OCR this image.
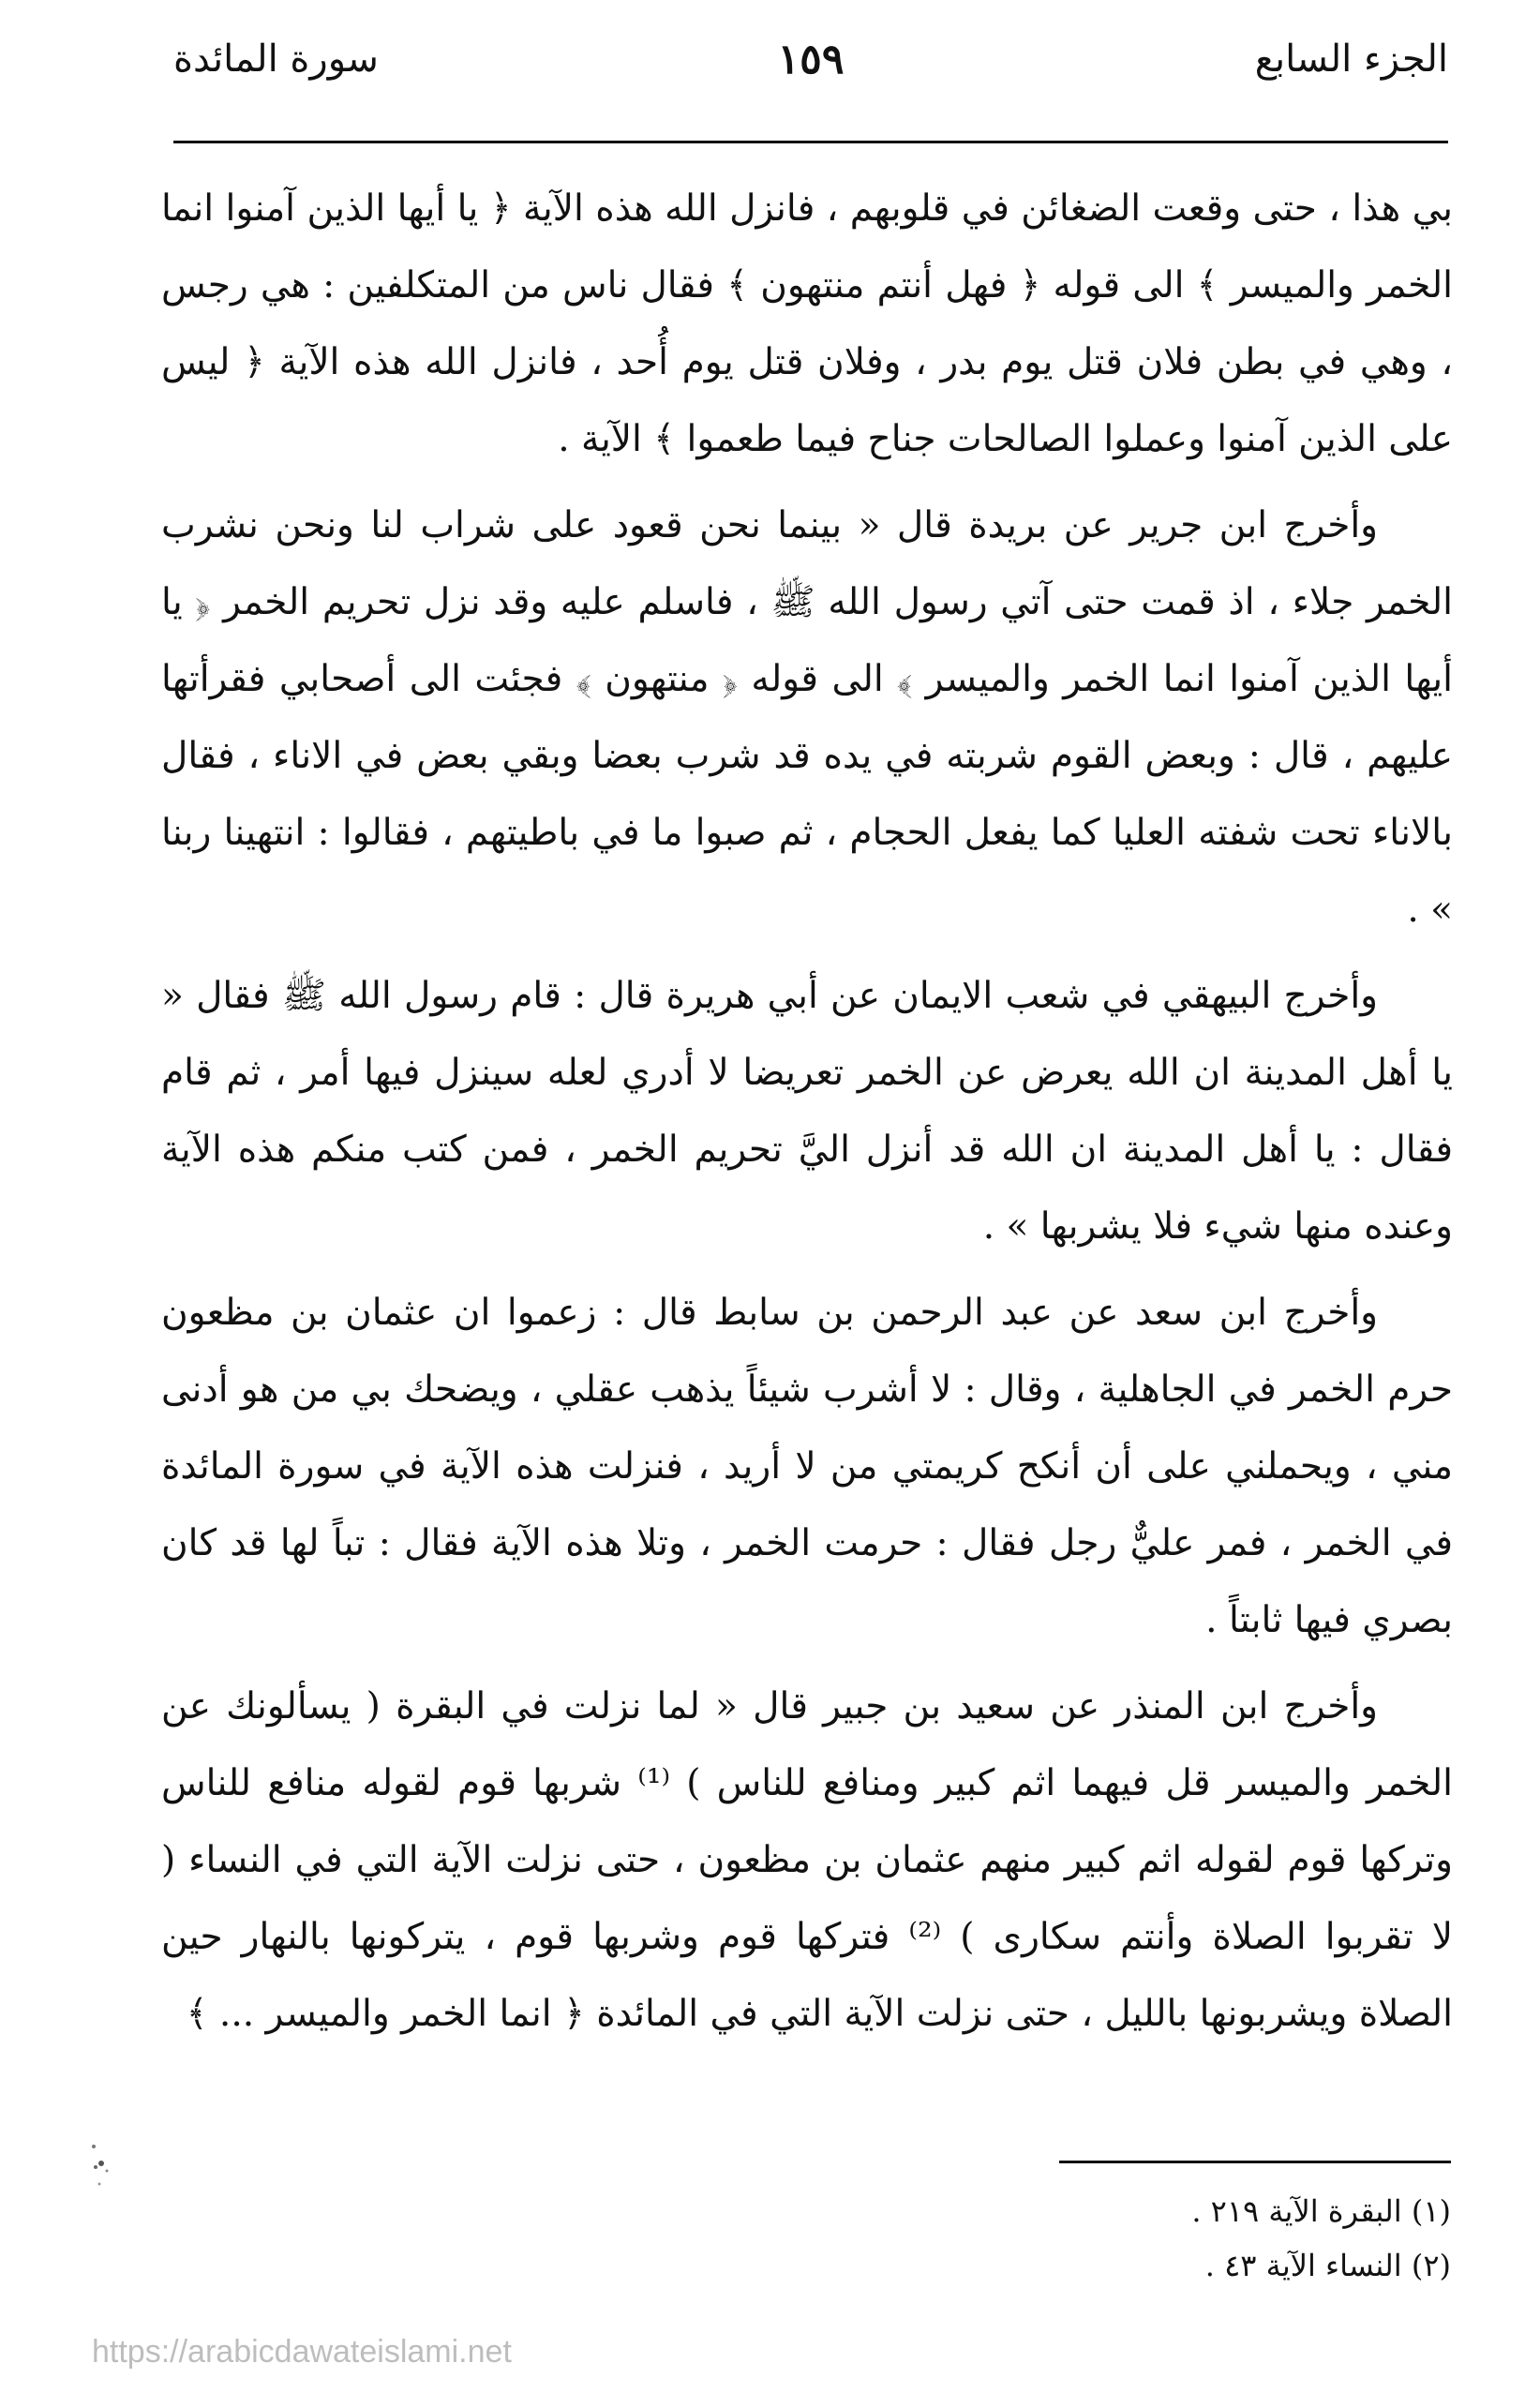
الجزء السابع
١٥٩
سورة المائدة

بي هذا ، حتى وقعت الضغائن في قلوبهم ، فانزل الله هذه الآية ﴿ يا أيها الذين آمنوا انما الخمر والميسر ﴾ الى قوله ﴿ فهل أنتم منتهون ﴾ فقال ناس من المتكلفين : هي رجس ، وهي في بطن فلان قتل يوم بدر ، وفلان قتل يوم أُحد ، فانزل الله هذه الآية ﴿ ليس على الذين آمنوا وعملوا الصالحات جناح فيما طعموا ﴾ الآية .

وأخرج ابن جرير عن بريدة قال « بينما نحن قعود على شراب لنا ونحن نشرب الخمر جلاء ، اذ قمت حتى آتي رسول الله ﷺ ، فاسلم عليه وقد نزل تحريم الخمر ﴿ يا أيها الذين آمنوا انما الخمر والميسر ﴾ الى قوله ﴿ منتهون ﴾ فجئت الى أصحابي فقرأتها عليهم ، قال : وبعض القوم شربته في يده قد شرب بعضا وبقي بعض في الاناء ، فقال بالاناء تحت شفته العليا كما يفعل الحجام ، ثم صبوا ما في باطيتهم ، فقالوا : انتهينا ربنا » .

وأخرج البيهقي في شعب الايمان عن أبي هريرة قال : قام رسول الله ﷺ فقال « يا أهل المدينة ان الله يعرض عن الخمر تعريضا لا أدري لعله سينزل فيها أمر ، ثم قام فقال : يا أهل المدينة ان الله قد أنزل اليَّ تحريم الخمر ، فمن كتب منكم هذه الآية وعنده منها شيء فلا يشربها » .

وأخرج ابن سعد عن عبد الرحمن بن سابط قال : زعموا ان عثمان بن مظعون حرم الخمر في الجاهلية ، وقال : لا أشرب شيئاً يذهب عقلي ، ويضحك بي من هو أدنى مني ، ويحملني على أن أنكح كريمتي من لا أريد ، فنزلت هذه الآية في سورة المائدة في الخمر ، فمر عليٌّ رجل فقال : حرمت الخمر ، وتلا هذه الآية فقال : تباً لها قد كان بصري فيها ثابتاً .

وأخرج ابن المنذر عن سعيد بن جبير قال « لما نزلت في البقرة ( يسألونك عن الخمر والميسر قل فيهما اثم كبير ومنافع للناس ) ⁽¹⁾ شربها قوم لقوله منافع للناس وتركها قوم لقوله اثم كبير منهم عثمان بن مظعون ، حتى نزلت الآية التي في النساء ( لا تقربوا الصلاة وأنتم سكارى ) ⁽²⁾ فتركها قوم وشربها قوم ، يتركونها بالنهار حين الصلاة ويشربونها بالليل ، حتى نزلت الآية التي في المائدة ﴿ انما الخمر والميسر ... ﴾

(١) البقرة الآية ٢١٩ .
(٢) النساء الآية ٤٣ .
https://arabicdawateislami.net
